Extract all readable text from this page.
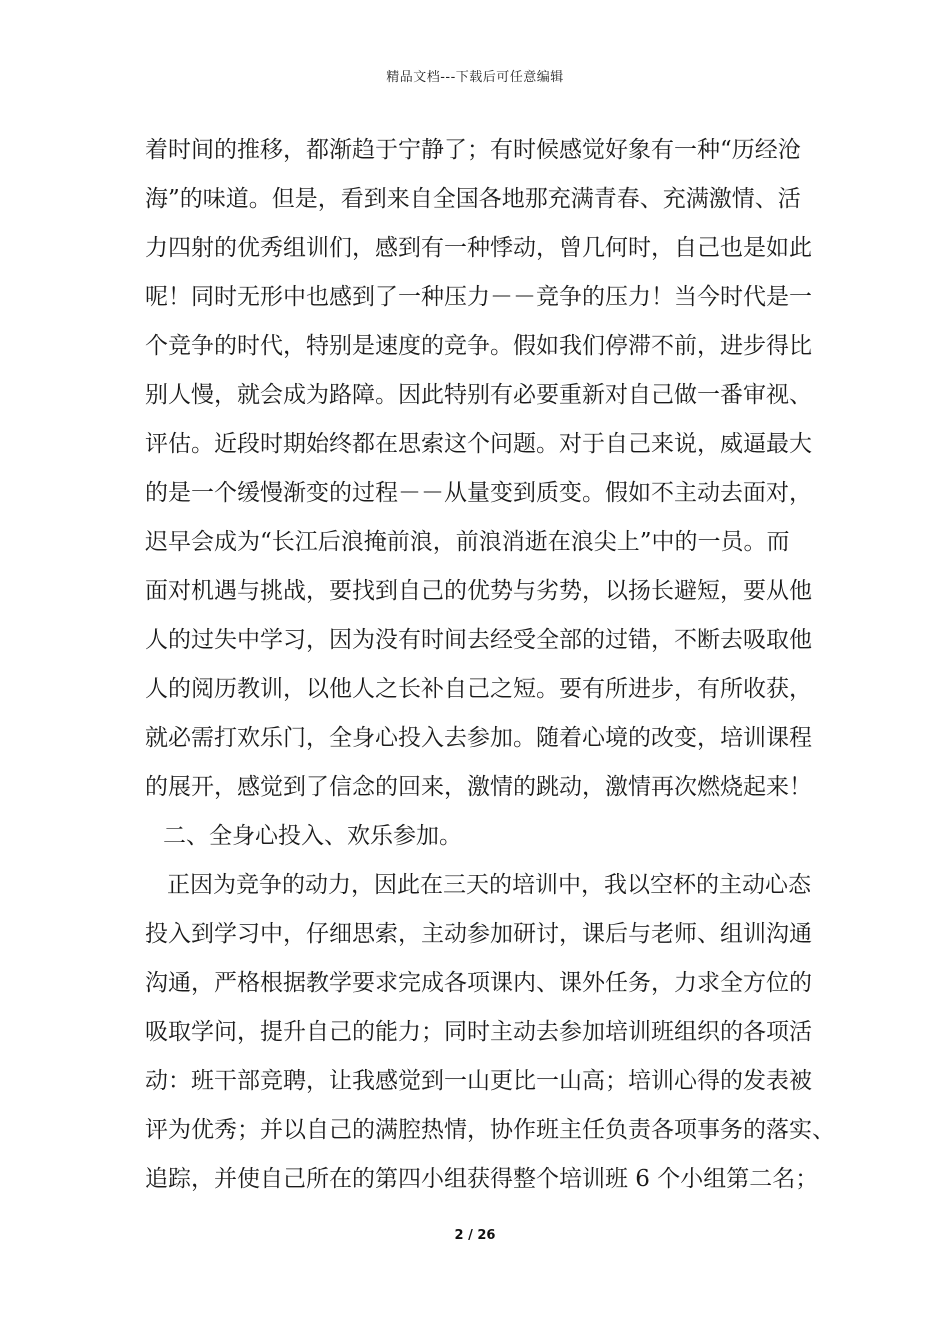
精品文档---下载后可任意编辑
着时间的推移，都渐趋于宁静了；有时候感觉好象有一种“历经沧
海”的味道。但是，看到来自全国各地那充满青春、充满激情、活
力四射的优秀组训们，感到有一种悸动，曾几何时，自己也是如此
呢！同时无形中也感到了一种压力－－竞争的压力！当今时代是一
个竞争的时代，特别是速度的竞争。假如我们停滞不前，进步得比
别人慢，就会成为路障。因此特别有必要重新对自己做一番审视、
评估。近段时期始终都在思索这个问题。对于自己来说，威逼最大
的是一个缓慢渐变的过程－－从量变到质变。假如不主动去面对，
迟早会成为“长江后浪掩前浪，前浪消逝在浪尖上”中的一员。而
面对机遇与挑战，要找到自己的优势与劣势，以扬长避短，要从他
人的过失中学习，因为没有时间去经受全部的过错，不断去吸取他
人的阅历教训，以他人之长补自己之短。要有所进步，有所收获，
就必需打欢乐门，全身心投入去参加。随着心境的改变，培训课程
的展开，感觉到了信念的回来，激情的跳动，激情再次燃烧起来！
二、全身心投入、欢乐参加。
正因为竞争的动力，因此在三天的培训中，我以空杯的主动心态
投入到学习中，仔细思索，主动参加研讨，课后与老师、组训沟通
沟通，严格根据教学要求完成各项课内、课外任务，力求全方位的
吸取学问，提升自己的能力；同时主动去参加培训班组织的各项活
动：班干部竞聘，让我感觉到一山更比一山高；培训心得的发表被
评为优秀；并以自己的满腔热情，协作班主任负责各项事务的落实、
追踪，并使自己所在的第四小组获得整个培训班 6 个小组第二名；
2 / 26
